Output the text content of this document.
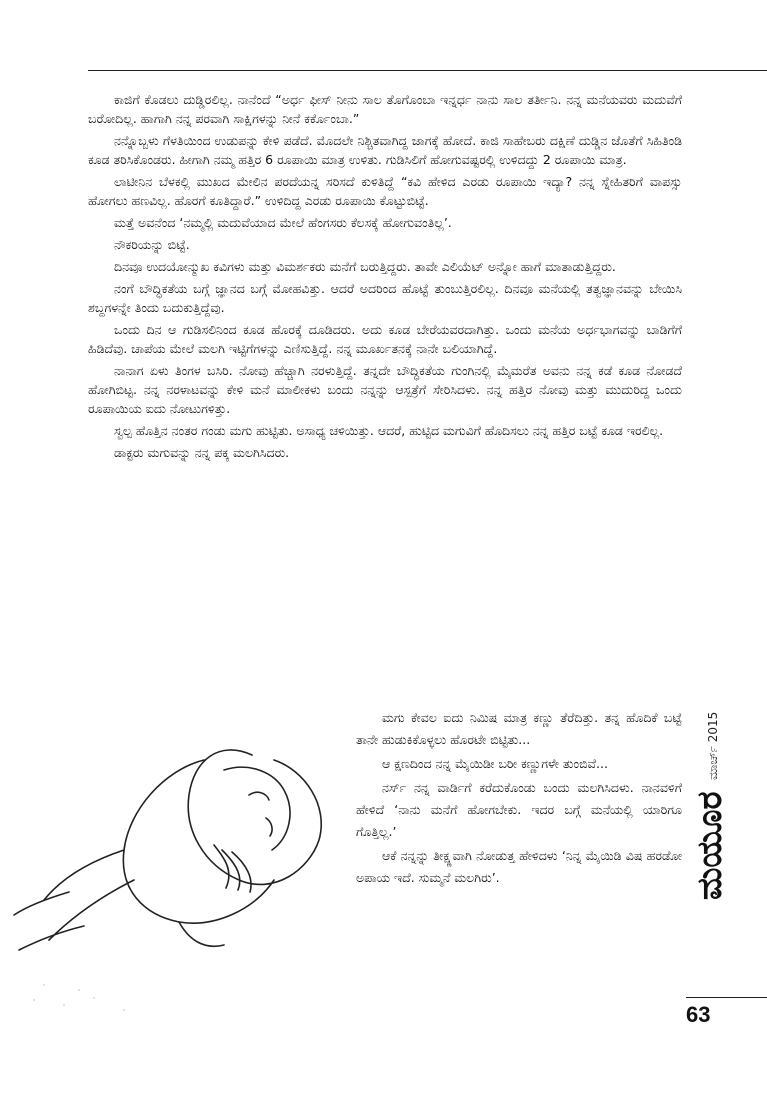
ಕಾಜಿಗೆ ಕೊಡಲು ದುಡ್ಡಿರಲಿಲ್ಲ. ನಾನೆಂದೆ “ಅರ್ಧ ಫೀಸ್ ನೀನು ಸಾಲ ತೊಗೊಂಬಾ ಇನ್ನರ್ಧ ನಾನು ಸಾಲ ತರ್ತೀನಿ. ನನ್ನ ಮನೆಯವರು ಮದುವೆಗೆ ಬರೋದಿಲ್ಲ. ಹಾಗಾಗಿ ನನ್ನ ಪರವಾಗಿ ಸಾಕ್ಷಿಗಳನ್ನು ನೀನೆ ಕರ್ಕೊಂಬಾ.”

ನನ್ನೊಬ್ಬಳು ಗೆಳತಿಯಿಂದ ಉಡುಪನ್ನು ಕೇಳಿ ಪಡೆದೆ. ಮೊದಲೇ ನಿಶ್ಚಿತವಾಗಿದ್ದ ಜಾಗಕ್ಕೆ ಹೋದೆ. ಕಾಜಿ ಸಾಹೇಬರು ದಕ್ಷಿಣೆ ದುಡ್ಡಿನ ಜೊತೆಗೆ ಸಿಹಿತಿಂಡಿ ಕೂಡ ತರಿಸಿಕೊಂಡರು. ಹೀಗಾಗಿ ನಮ್ಮ ಹತ್ತಿರ 6 ರೂಪಾಯಿ ಮಾತ್ರ ಉಳಿತು. ಗುಡಿಸಿಲಿಗೆ ಹೋಗುವಷ್ಟರಲ್ಲಿ ಉಳಿದದ್ದು 2 ರೂಪಾಯಿ ಮಾತ್ರ.

ಲಾಟೀನಿನ ಬೆಳಕಲ್ಲಿ ಮುಖದ ಮೇಲಿನ ಪರದೆಯನ್ನ ಸರಿಸದೆ ಕುಳಿತಿದ್ದೆ “ಕವಿ ಹೇಳಿದ ಎರಡು ರೂಪಾಯಿ ಇದ್ಯಾ? ನನ್ನ ಸ್ನೇಹಿತರಿಗೆ ವಾಪಸ್ಸು ಹೋಗಲು ಹಣವಿಲ್ಲ. ಹೊರಗೆ ಕೂತಿದ್ದಾರೆ.” ಉಳಿದಿದ್ದ ಎರಡು ರೂಪಾಯಿ ಕೊಟ್ಟುಬಿಟ್ಟೆ.

ಮತ್ತೆ ಅವನೆಂದ ‘ನಮ್ಮಲ್ಲಿ ಮದುವೆಯಾದ ಮೇಲೆ ಹೆಂಗಸರು ಕೆಲಸಕ್ಕೆ ಹೋಗುವಂತಿಲ್ಲ’.

ನೌಕರಿಯನ್ನು ಬಿಟ್ಟೆ.

ದಿನವೂ ಉದಯೋನ್ಮುಖ ಕವಿಗಳು ಮತ್ತು ವಿಮರ್ಶಕರು ಮನೆಗೆ ಬರುತ್ತಿದ್ದರು. ತಾವೇ ಎಲಿಯೆಟ್ ಅನ್ನೋ ಹಾಗೆ ಮಾತಾಡುತ್ತಿದ್ದರು.

ನಂಗೆ ಬೌದ್ಧಿಕತೆಯ ಬಗ್ಗೆ ಜ್ಞಾನದ ಬಗ್ಗೆ ಮೋಹವಿತ್ತು. ಆದರೆ ಅದರಿಂದ ಹೊಟ್ಟೆ ತುಂಬುತ್ತಿರಲಿಲ್ಲ. ದಿನವೂ ಮನೆಯಲ್ಲಿ ತತ್ವಜ್ಞಾನವನ್ನು ಬೇಯಿಸಿ ಶಬ್ದಗಳನ್ನೇ ತಿಂದು ಬದುಕುತ್ತಿದ್ದೆವು.

ಒಂದು ದಿನ ಆ ಗುಡಿಸಲಿನಿಂದ ಕೂಡ ಹೊರಕ್ಕೆ ದೂಡಿದರು. ಅದು ಕೂಡ ಬೇರೆಯವರದಾಗಿತ್ತು. ಒಂದು ಮನೆಯ ಅರ್ಧಭಾಗವನ್ನು ಬಾಡಿಗೆಗೆ ಹಿಡಿದೆವು. ಚಾಪೆಯ ಮೇಲೆ ಮಲಗಿ ಇಟ್ಟಿಗೆಗಳನ್ನು ಎಣಿಸುತ್ತಿದ್ದೆ. ನನ್ನ ಮೂರ್ಖತನಕ್ಕೆ ನಾನೇ ಬಲಿಯಾಗಿದ್ದೆ.

ನಾನಾಗ ಏಳು ತಿಂಗಳ ಬಸಿರಿ. ನೋವು ಹೆಚ್ಚಾಗಿ ನರಳುತ್ತಿದ್ದೆ. ತನ್ನದೇ ಬೌದ್ಧಿಕತೆಯ ಗುಂಗಿನಲ್ಲಿ ಮೈಮರೆತ ಅವನು ನನ್ನ ಕಡೆ ಕೂಡ ನೋಡದೆ ಹೋಗಿಬಿಟ್ಟ. ನನ್ನ ನರಳಾಟವನ್ನು ಕೇಳಿ ಮನೆ ಮಾಲೀಕಳು ಬಂದು ನನ್ನನ್ನು ಆಸ್ಪತ್ರೆಗೆ ಸೇರಿಸಿದಳು. ನನ್ನ ಹತ್ತಿರ ನೋವು ಮತ್ತು ಮುದುರಿದ್ದ ಒಂದು ರೂಪಾಯಿಯ ಐದು ನೋಟುಗಳಿತ್ತು.

ಸ್ವಲ್ಪ ಹೊತ್ತಿನ ನಂತರ ಗಂಡು ಮಗು ಹುಟ್ಟಿತು. ಅಸಾಧ್ಯ ಚಳಿಯಿತ್ತು. ಆದರೆ, ಹುಟ್ಟಿದ ಮಗುವಿಗೆ ಹೊದಿಸಲು ನನ್ನ ಹತ್ತಿರ ಬಟ್ಟೆ ಕೂಡ ಇರಲಿಲ್ಲ.

ಡಾಕ್ಟರು ಮಗುವನ್ನು ನನ್ನ ಪಕ್ಕ ಮಲಗಿಸಿದರು.

ಮಗು ಕೇವಲ ಐದು ನಿಮಿಷ ಮಾತ್ರ ಕಣ್ಣು ತೆರೆದಿತ್ತು. ತನ್ನ ಹೊದಿಕೆ ಬಟ್ಟೆ ತಾನೇ ಹುಡುಕಿಕೊಳ್ಳಲು ಹೊರಟೇ ಬಿಟ್ಟಿತು...

ಆ ಕ್ಷಣದಿಂದ ನನ್ನ ಮೈಯಿಡೀ ಬರೀ ಕಣ್ಣುಗಳೇ ತುಂಬಿವೆ...

ನರ್ಸ್ ನನ್ನ ವಾರ್ಡಿಗೆ ಕರೆದುಕೊಂಡು ಬಂದು ಮಲಗಿಸಿದಳು. ನಾನವಳಿಗೆ ಹೇಳಿದೆ ‘ನಾನು ಮನೆಗೆ ಹೋಗಬೇಕು. ಇದರ ಬಗ್ಗೆ ಮನೆಯಲ್ಲಿ ಯಾರಿಗೂ ಗೊತ್ತಿಲ್ಲ.’

ಆಕೆ ನನ್ನನ್ನು ತೀಕ್ಷ್ಣವಾಗಿ ನೋಡುತ್ತ ಹೇಳಿದಳು ‘ನಿನ್ನ ಮೈಯಿಡಿ ವಿಷ ಹರಡೋ ಅಪಾಯ ಇದೆ. ಸುಮ್ಮನೆ ಮಲಗಿರು’.

ಮಾರ್ಚ್ 2015
ಮಯೂರ
63
